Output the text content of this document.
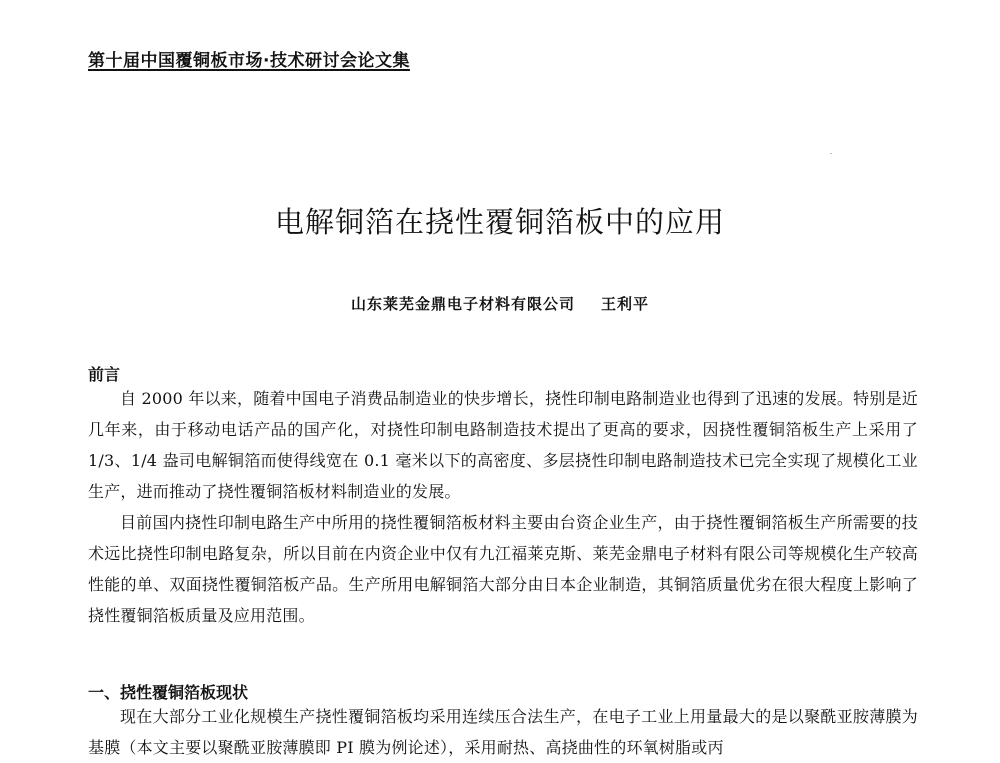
第十届中国覆铜板市场·技术研讨会论文集
电解铜箔在挠性覆铜箔板中的应用
山东莱芜金鼎电子材料有限公司 王利平
前言

自 2000 年以来，随着中国电子消费品制造业的快步增长，挠性印制电路制造业也得到了迅速的发展。特别是近几年来，由于移动电话产品的国产化，对挠性印制电路制造技术提出了更高的要求，因挠性覆铜箔板生产上采用了 1/3、1/4 盎司电解铜箔而使得线宽在 0.1 毫米以下的高密度、多层挠性印制电路制造技术已完全实现了规模化工业生产，进而推动了挠性覆铜箔板材料制造业的发展。

目前国内挠性印制电路生产中所用的挠性覆铜箔板材料主要由台资企业生产，由于挠性覆铜箔板生产所需要的技术远比挠性印制电路复杂，所以目前在内资企业中仅有九江福莱克斯、莱芜金鼎电子材料有限公司等规模化生产较高性能的单、双面挠性覆铜箔板产品。生产所用电解铜箔大部分由日本企业制造，其铜箔质量优劣在很大程度上影响了挠性覆铜箔板质量及应用范围。

一、挠性覆铜箔板现状

现在大部分工业化规模生产挠性覆铜箔板均采用连续压合法生产，在电子工业上用量最大的是以聚酰亚胺薄膜为基膜（本文主要以聚酰亚胺薄膜即 PI 膜为例论述），采用耐热、高挠曲性的环氧树脂或丙
